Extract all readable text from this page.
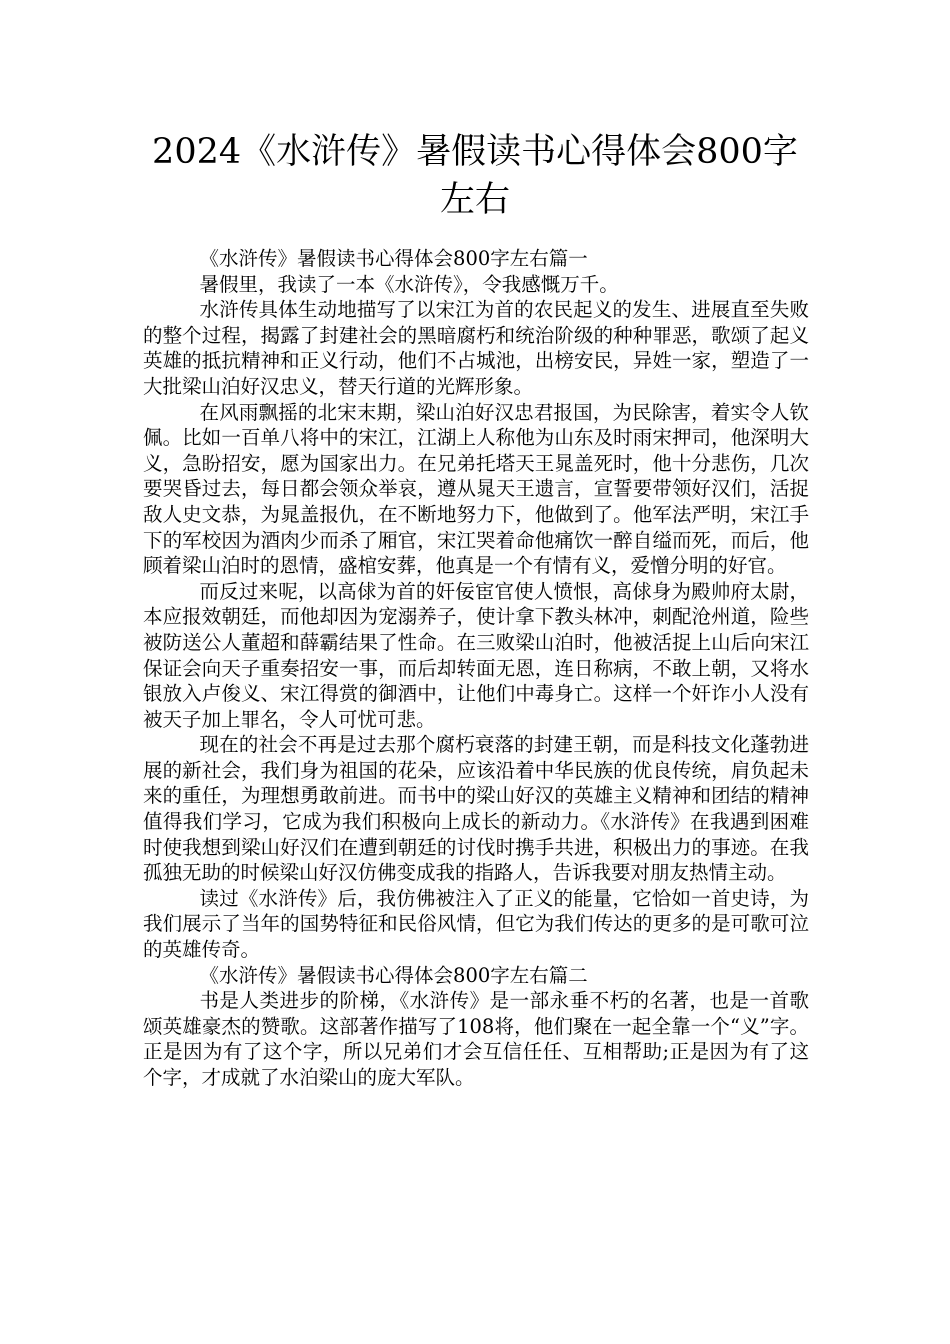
2024《水浒传》暑假读书心得体会800字
左右

《水浒传》暑假读书心得体会800字左右篇一

暑假里，我读了一本《水浒传》，令我感慨万千。

水浒传具体生动地描写了以宋江为首的农民起义的发生、进展直至失败的整个过程，揭露了封建社会的黑暗腐朽和统治阶级的种种罪恶，歌颂了起义英雄的抵抗精神和正义行动，他们不占城池，出榜安民，异姓一家，塑造了一大批梁山泊好汉忠义，替天行道的光辉形象。

在风雨飘摇的北宋末期，梁山泊好汉忠君报国，为民除害，着实令人钦佩。比如一百单八将中的宋江，江湖上人称他为山东及时雨宋押司，他深明大义，急盼招安，愿为国家出力。在兄弟托塔天王晁盖死时，他十分悲伤，几次要哭昏过去，每日都会领众举哀，遵从晁天王遗言，宣誓要带领好汉们，活捉敌人史文恭，为晁盖报仇，在不断地努力下，他做到了。他军法严明，宋江手下的军校因为酒肉少而杀了厢官，宋江哭着命他痛饮一醉自缢而死，而后，他顾着梁山泊时的恩情，盛棺安葬，他真是一个有情有义，爱憎分明的好官。

而反过来呢，以高俅为首的奸佞宦官使人愤恨，高俅身为殿帅府太尉，本应报效朝廷，而他却因为宠溺养子，使计拿下教头林冲，刺配沧州道，险些被防送公人董超和薛霸结果了性命。在三败梁山泊时，他被活捉上山后向宋江保证会向天子重奏招安一事，而后却转面无恩，连日称病，不敢上朝，又将水银放入卢俊义、宋江得赏的御酒中，让他们中毒身亡。这样一个奸诈小人没有被天子加上罪名，令人可忧可悲。

现在的社会不再是过去那个腐朽衰落的封建王朝，而是科技文化蓬勃进展的新社会，我们身为祖国的花朵，应该沿着中华民族的优良传统，肩负起未来的重任，为理想勇敢前进。而书中的梁山好汉的英雄主义精神和团结的精神值得我们学习，它成为我们积极向上成长的新动力。《水浒传》在我遇到困难时使我想到梁山好汉们在遭到朝廷的讨伐时携手共进，积极出力的事迹。在我孤独无助的时候梁山好汉仿佛变成我的指路人，告诉我要对朋友热情主动。

读过《水浒传》后，我仿佛被注入了正义的能量，它恰如一首史诗，为我们展示了当年的国势特征和民俗风情，但它为我们传达的更多的是可歌可泣的英雄传奇。

《水浒传》暑假读书心得体会800字左右篇二

书是人类进步的阶梯，《水浒传》是一部永垂不朽的名著，也是一首歌颂英雄豪杰的赞歌。这部著作描写了108将，他们聚在一起全靠一个“义”字。正是因为有了这个字，所以兄弟们才会互信任任、互相帮助;正是因为有了这个字，才成就了水泊梁山的庞大军队。
